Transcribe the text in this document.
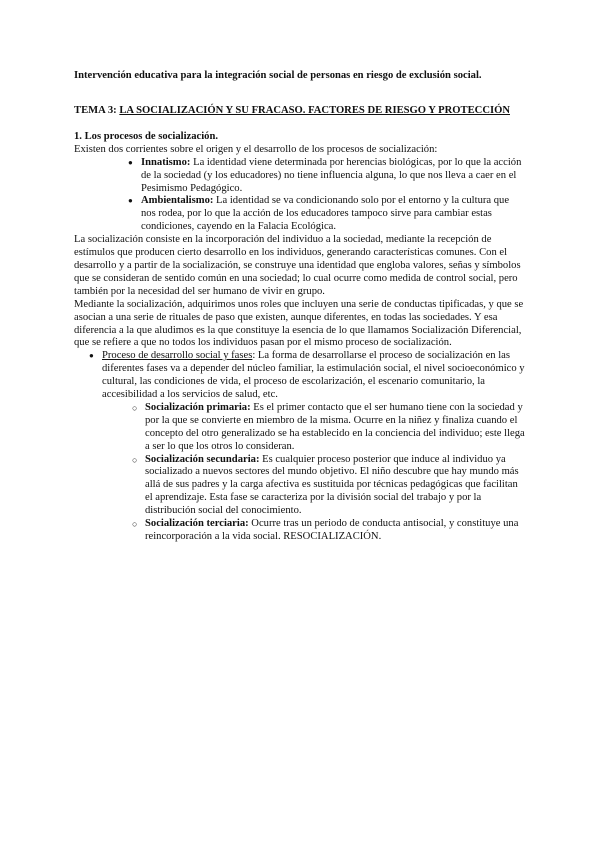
Intervención educativa para la integración social de personas en riesgo de exclusión social.

TEMA 3: LA SOCIALIZACIÓN Y SU FRACASO. FACTORES DE RIESGO Y PROTECCIÓN

1. Los procesos de socialización.

Existen dos corrientes sobre el origen y el desarrollo de los procesos de socialización:

● Innatismo: La identidad viene determinada por herencias biológicas, por lo que la acción de la sociedad (y los educadores) no tiene influencia alguna, lo que nos lleva a caer en el Pesimismo Pedagógico.
● Ambientalismo: La identidad se va condicionando solo por el entorno y la cultura que nos rodea, por lo que la acción de los educadores tampoco sirve para cambiar estas condiciones, cayendo en la Falacia Ecológica.

La socialización consiste en la incorporación del individuo a la sociedad, mediante la recepción de estímulos que producen cierto desarrollo en los individuos, generando características comunes. Con el desarrollo y a partir de la socialización, se construye una identidad que engloba valores, señas y símbolos que se consideran de sentido común en una sociedad; lo cual ocurre como medida de control social, pero también por la necesidad del ser humano de vivir en grupo.

Mediante la socialización, adquirimos unos roles que incluyen una serie de conductas tipificadas, y que se asocian a una serie de rituales de paso que existen, aunque diferentes, en todas las sociedades. Y esa diferencia a la que aludimos es la que constituye la esencia de lo que llamamos Socialización Diferencial, que se refiere a que no todos los individuos pasan por el mismo proceso de socialización.

● Proceso de desarrollo social y fases: La forma de desarrollarse el proceso de socialización en las diferentes fases va a depender del núcleo familiar, la estimulación social, el nivel socioeconómico y cultural, las condiciones de vida, el proceso de escolarización, el escenario comunitario, la accesibilidad a los servicios de salud, etc.
○ Socialización primaria: Es el primer contacto que el ser humano tiene con la sociedad y por la que se convierte en miembro de la misma. Ocurre en la niñez y finaliza cuando el concepto del otro generalizado se ha establecido en la conciencia del individuo; este llega a ser lo que los otros lo consideran.
○ Socialización secundaria: Es cualquier proceso posterior que induce al individuo ya socializado a nuevos sectores del mundo objetivo. El niño descubre que hay mundo más allá de sus padres y la carga afectiva es sustituida por técnicas pedagógicas que facilitan el aprendizaje. Esta fase se caracteriza por la división social del trabajo y por la distribución social del conocimiento.
○ Socialización terciaria: Ocurre tras un periodo de conducta antisocial, y constituye una reincorporación a la vida social. RESOCIALIZACIÓN.
